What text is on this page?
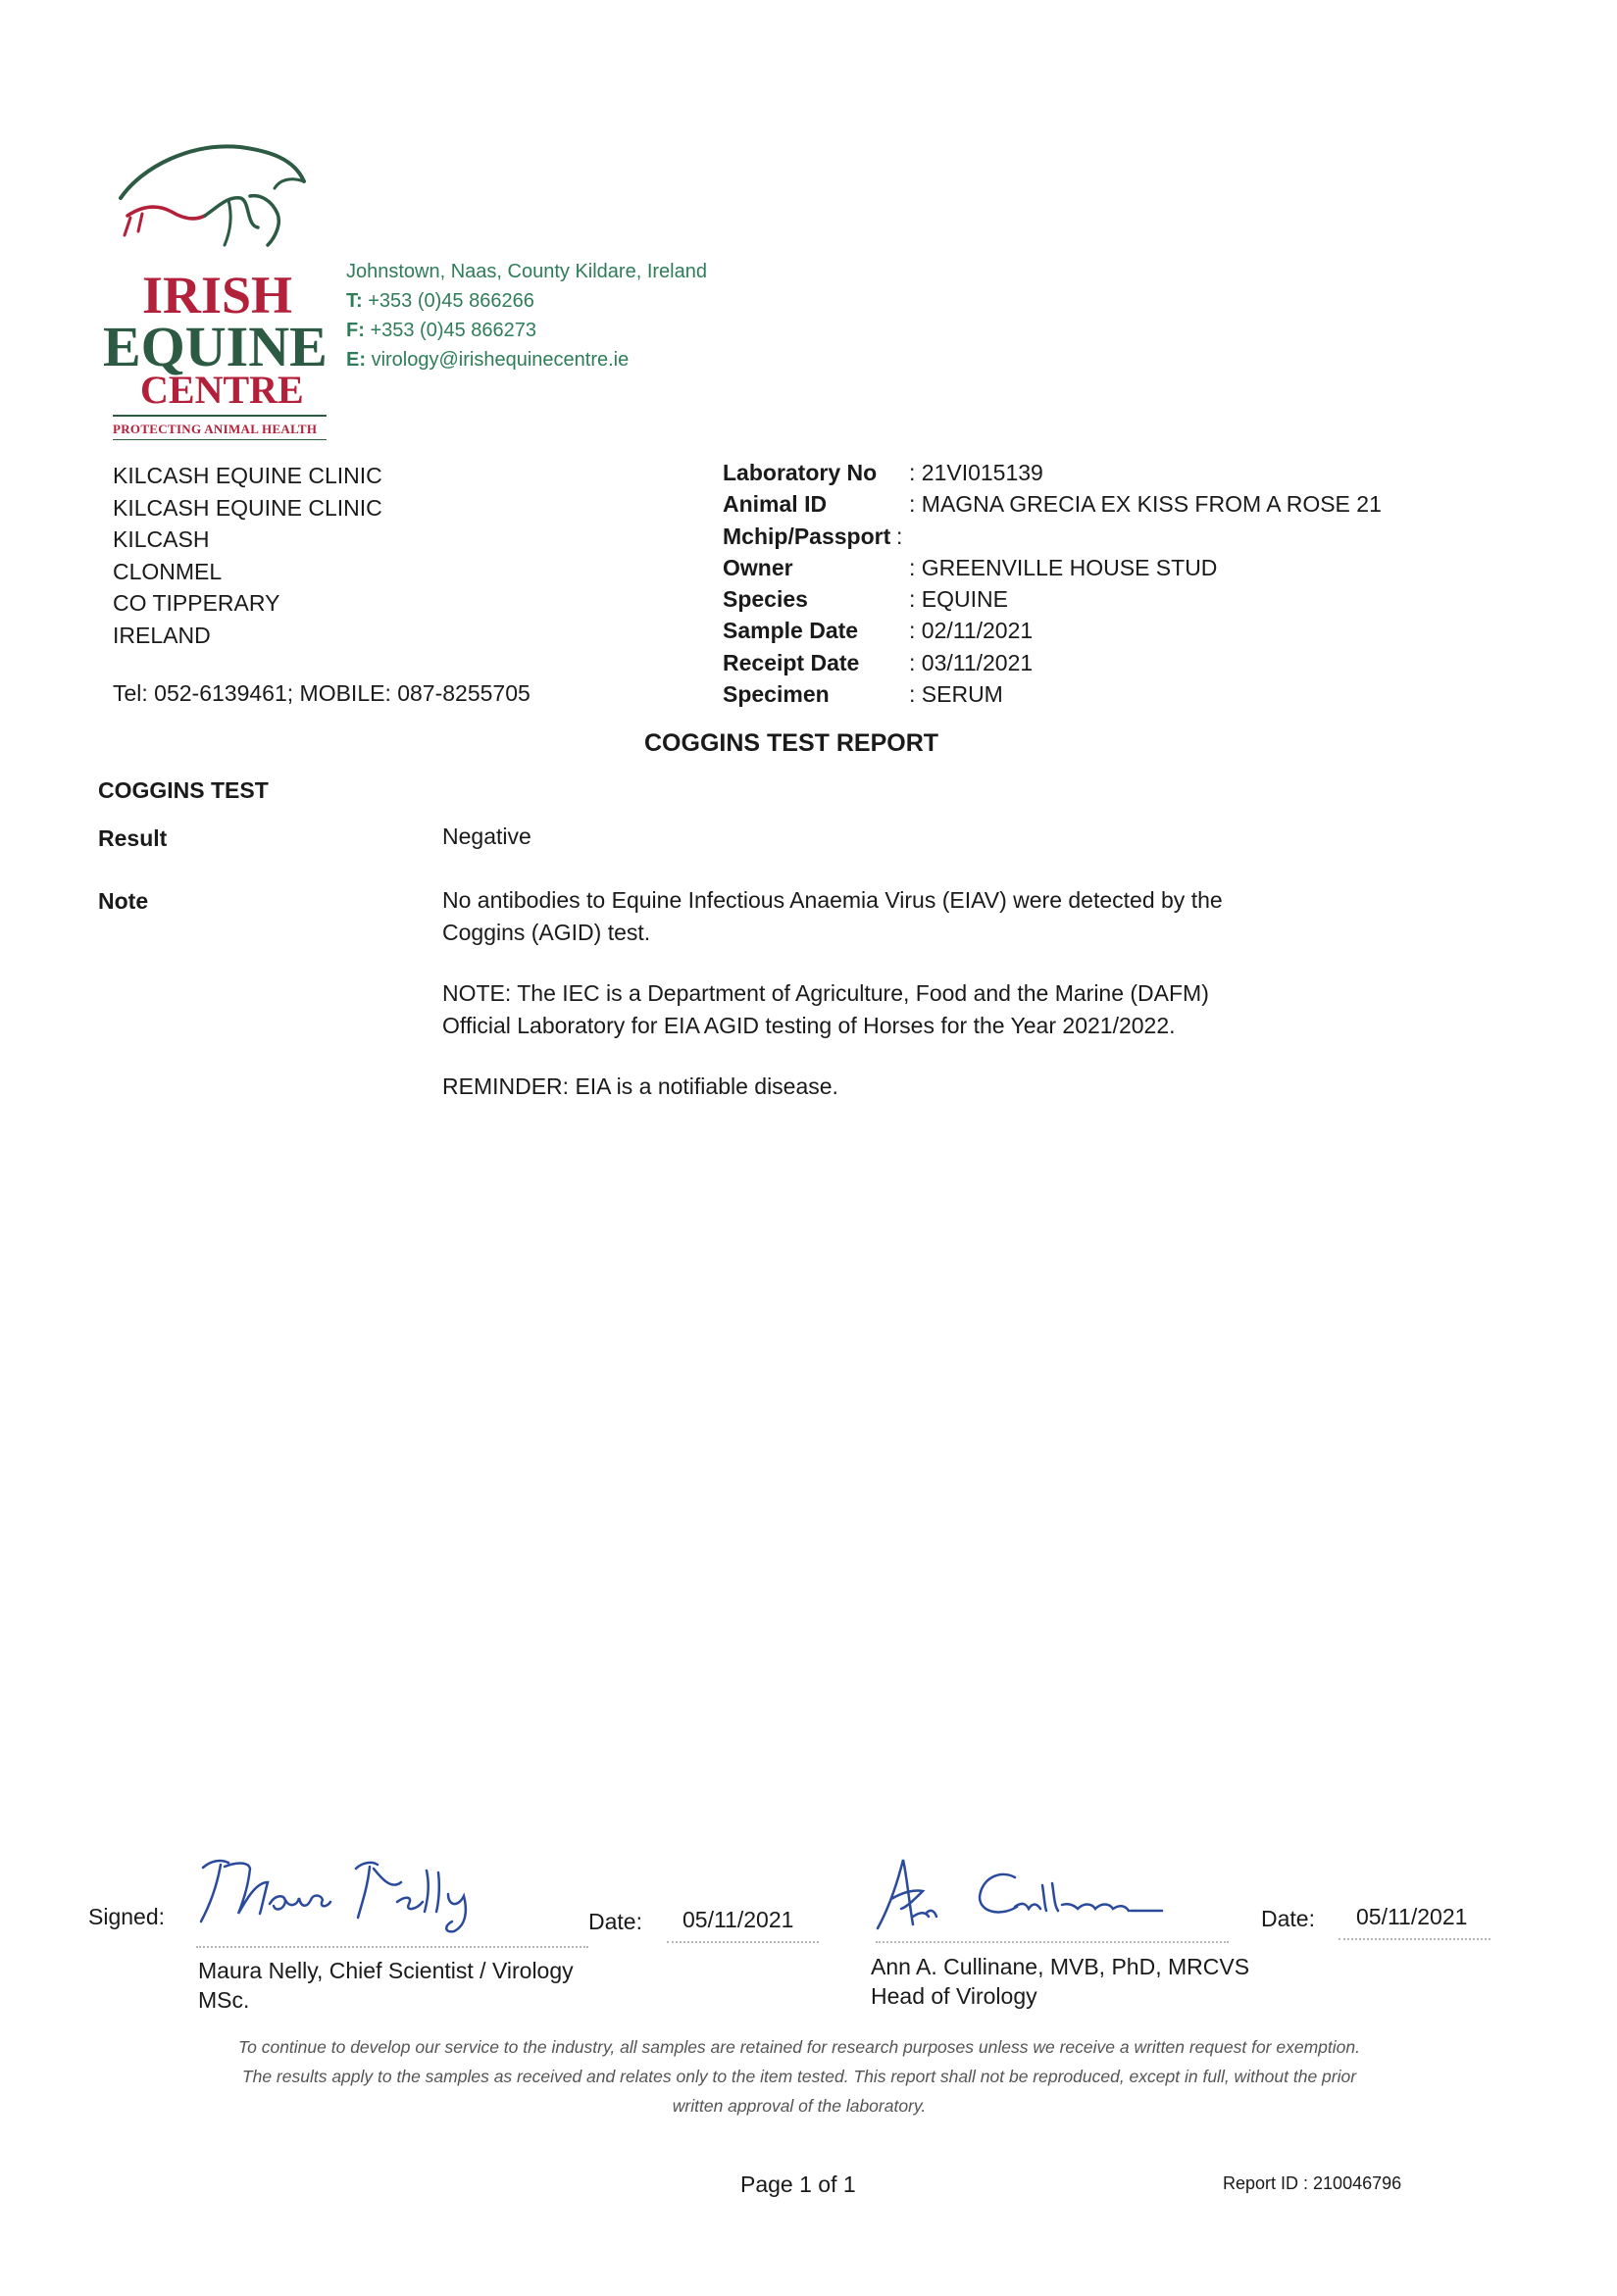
IRISH
EQUINE
CENTRE
PROTECTING ANIMAL HEALTH
Johnstown, Naas, County Kildare, Ireland
T: +353 (0)45 866266
F: +353 (0)45 866273
E: virology@irishequinecentre.ie
KILCASH EQUINE CLINIC
KILCASH EQUINE CLINIC
KILCASH
CLONMEL
CO TIPPERARY
IRELAND
Tel: 052-6139461; MOBILE: 087-8255705
Laboratory No : 21VI015139
Animal ID	: MAGNA GRECIA EX KISS FROM A ROSE 21
Mchip/Passport :
Owner	: GREENVILLE HOUSE STUD
Species	: EQUINE
Sample Date : 02/11/2021
Receipt Date : 03/11/2021
Specimen	: SERUM
COGGINS TEST REPORT
COGGINS TEST
Result	Negative
Note	No antibodies to Equine Infectious Anaemia Virus (EIAV) were detected by the Coggins (AGID) test.

NOTE: The IEC is a Department of Agriculture, Food and the Marine (DAFM) Official Laboratory for EIA AGID testing of Horses for the Year 2021/2022.

REMINDER: EIA is a notifiable disease.

Signed:	Date: 05/11/2021
Maura Nelly, Chief Scientist / Virology
MSc.
Date: 05/11/2021
Ann A. Cullinane, MVB, PhD, MRCVS
Head of Virology
To continue to develop our service to the industry, all samples are retained for research purposes unless we receive a written request for exemption.
The results apply to the samples as received and relates only to the item tested. This report shall not be reproduced, except in full, without the prior
written approval of the laboratory.
Page 1 of 1	Report ID : 210046796
